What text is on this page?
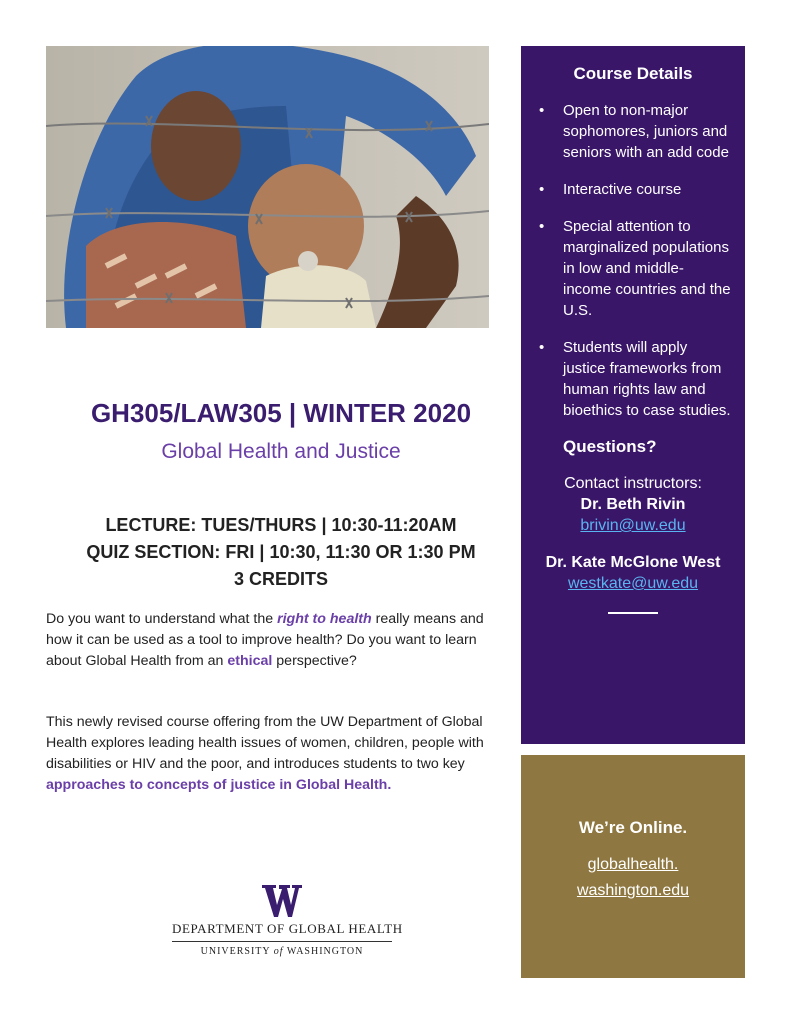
GH305/LAW305 | WINTER 2020
Global Health and Justice
LECTURE: TUES/THURS | 10:30-11:20AM
QUIZ SECTION: FRI | 10:30, 11:30 OR 1:30 PM
3 CREDITS
Do you want to understand what the right to health really means and how it can be used as a tool to improve health? Do you want to learn about Global Health from an ethical perspective?
This newly revised course offering from the UW Department of Global Health explores leading health issues of women, children, people with disabilities or HIV and the poor, and introduces students to two key approaches to concepts of justice in Global Health.
DEPARTMENT OF GLOBAL HEALTH
UNIVERSITY of WASHINGTON
Course Details
• Open to non-major sophomores, juniors and seniors with an add code
• Interactive course
• Special attention to marginalized populations in low and middle-income countries and the U.S.
• Students will apply justice frameworks from human rights law and bioethics to case studies.
Questions?
Contact instructors:
Dr. Beth Rivin
brivin@uw.edu
Dr. Kate McGlone West
westkate@uw.edu
We’re Online.
globalhealth.
washington.edu
